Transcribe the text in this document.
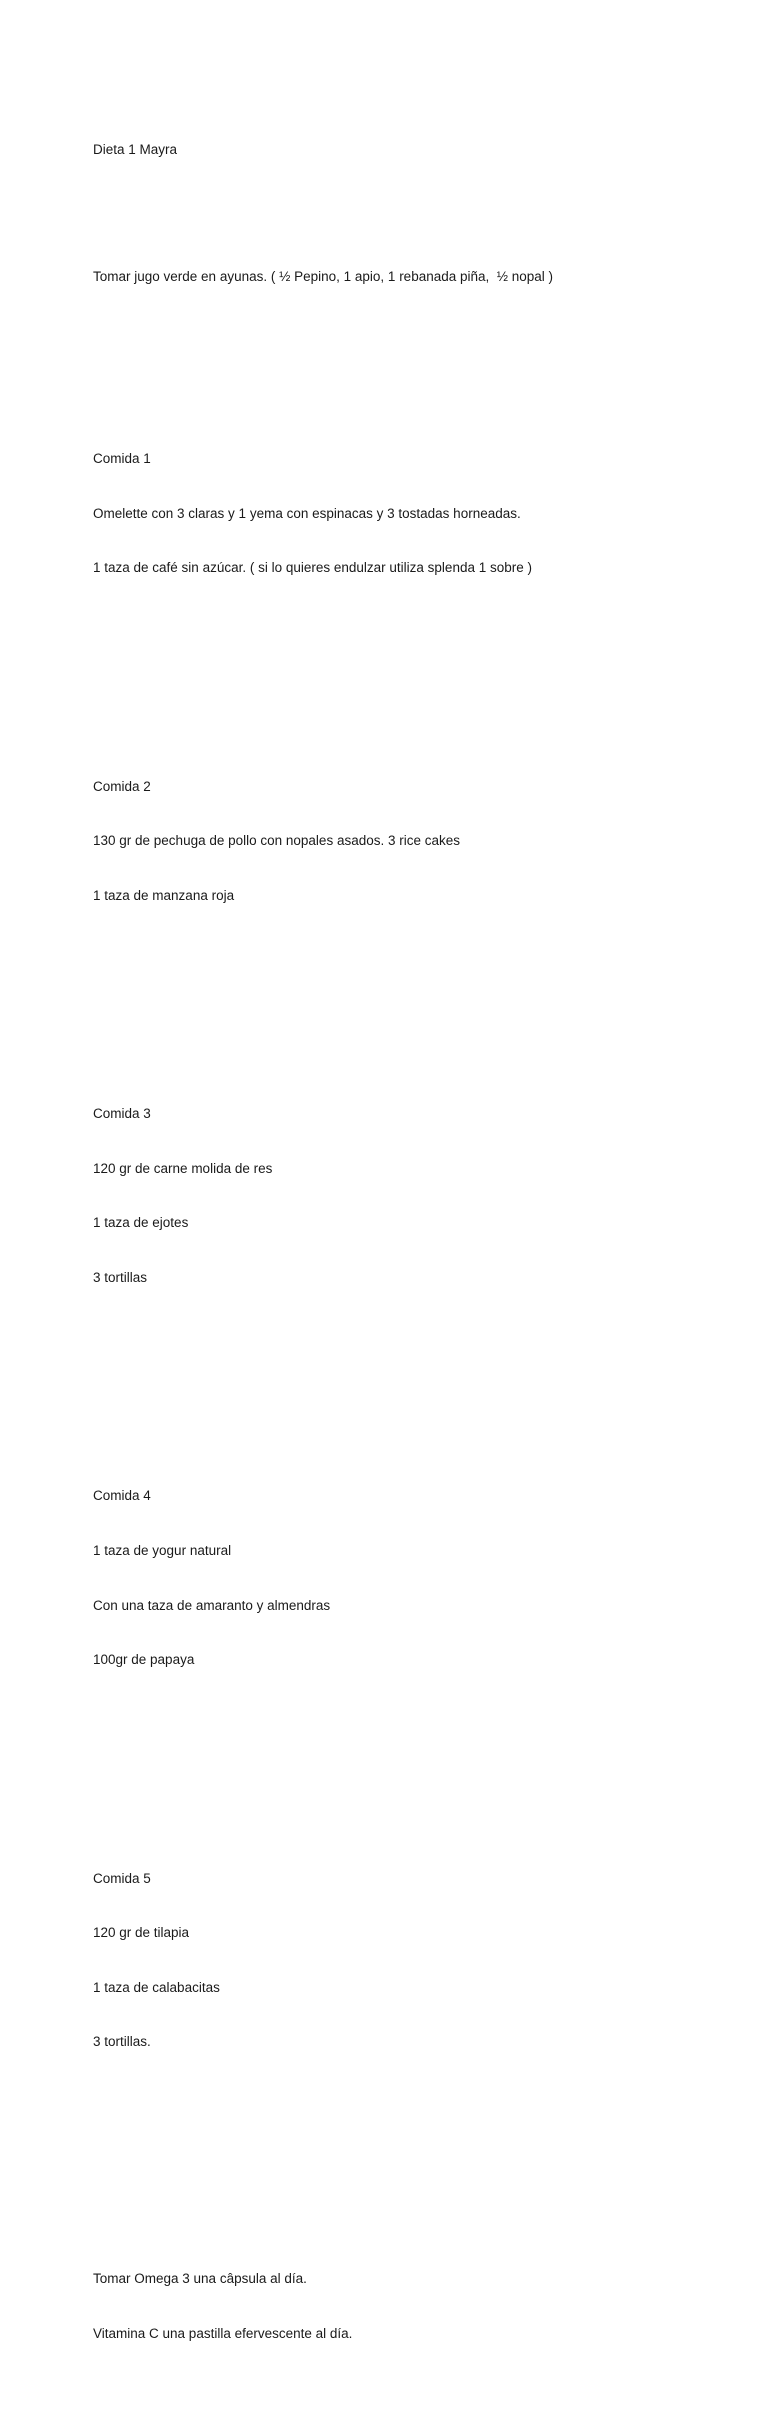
Dieta 1 Mayra

Tomar jugo verde en ayunas. ( ½ Pepino, 1 apio, 1 rebanada piña,  ½ nopal )

Comida 1

Omelette con 3 claras y 1 yema con espinacas y 3 tostadas horneadas.

1 taza de café sin azúcar. ( si lo quieres endulzar utiliza splenda 1 sobre )

Comida 2

130 gr de pechuga de pollo con nopales asados. 3 rice cakes

1 taza de manzana roja

Comida 3

120 gr de carne molida de res

1 taza de ejotes

3 tortillas

Comida 4

1 taza de yogur natural

Con una taza de amaranto y almendras

100gr de papaya

Comida 5

120 gr de tilapia

1 taza de calabacitas

3 tortillas.

Tomar Omega 3 una câpsula al día.

Vitamina C una pastilla efervescente al día.
